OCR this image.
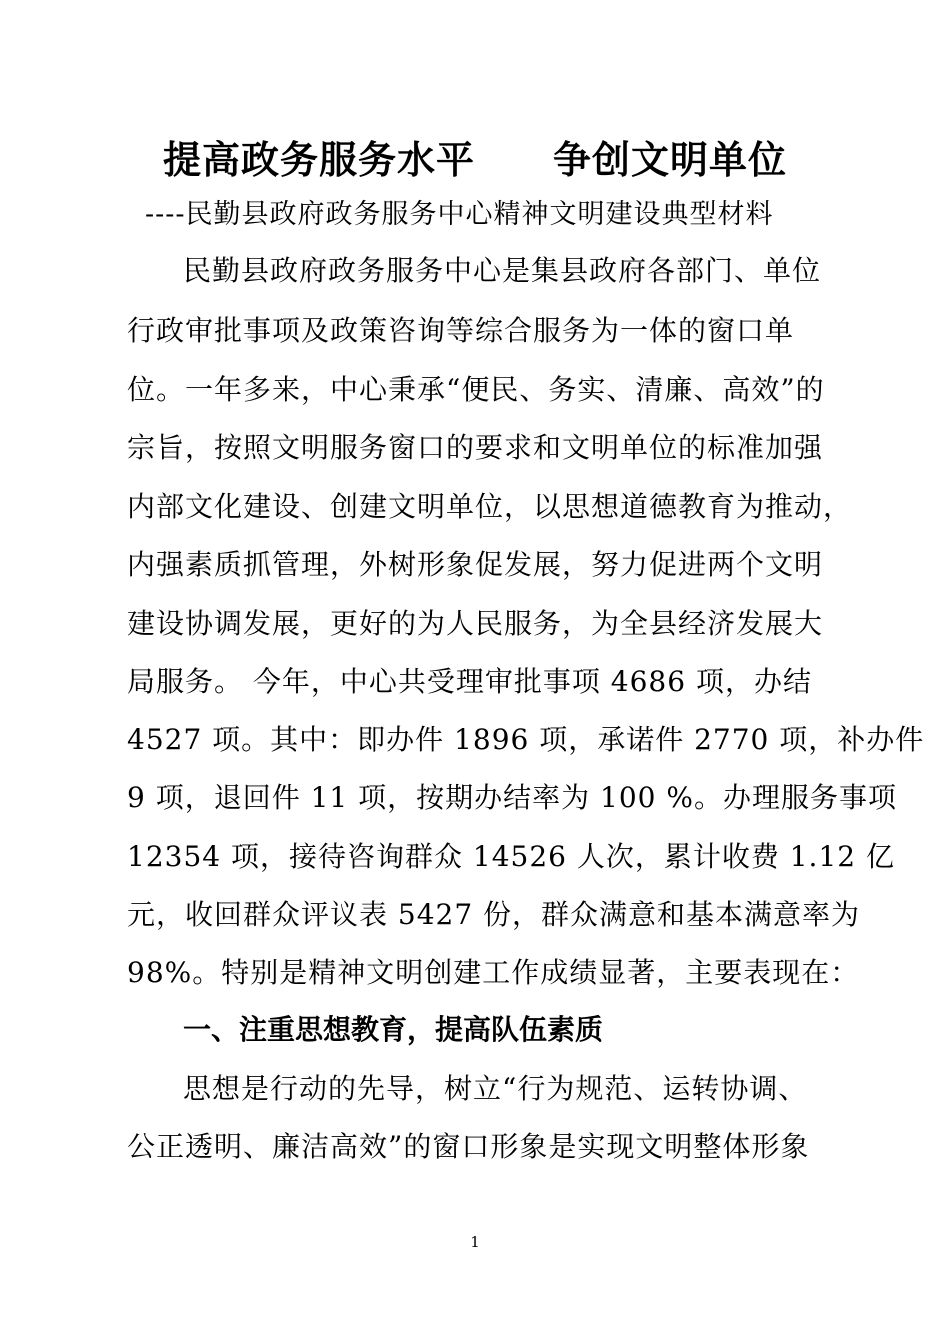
提高政务服务水平　　争创文明单位
----民勤县政府政务服务中心精神文明建设典型材料
民勤县政府政务服务中心是集县政府各部门、单位
行政审批事项及政策咨询等综合服务为一体的窗口单
位。一年多来，中心秉承“便民、务实、清廉、高效”的
宗旨，按照文明服务窗口的要求和文明单位的标准加强
内部文化建设、创建文明单位，以思想道德教育为推动，
内强素质抓管理，外树形象促发展，努力促进两个文明
建设协调发展，更好的为人民服务，为全县经济发展大
局服务。 今年，中心共受理审批事项 4686 项，办结
4527 项。其中：即办件 1896 项，承诺件 2770 项，补办件
9 项，退回件 11 项，按期办结率为 100 %。办理服务事项
12354 项，接待咨询群众 14526 人次，累计收费 1.12 亿
元，收回群众评议表 5427 份，群众满意和基本满意率为
98%。特别是精神文明创建工作成绩显著，主要表现在：
一、注重思想教育，提高队伍素质
思想是行动的先导，树立“行为规范、运转协调、
公正透明、廉洁高效”的窗口形象是实现文明整体形象
1
